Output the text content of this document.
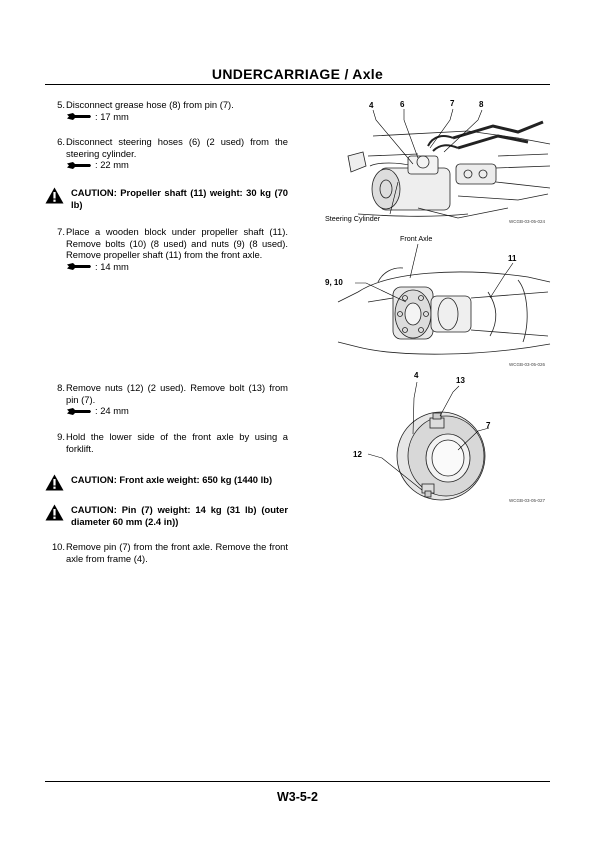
UNDERCARRIAGE / Axle
5. Disconnect grease hose (8) from pin (7).
: 17 mm
6. Disconnect steering hoses (6) (2 used) from the steering cylinder.
: 22 mm
CAUTION: Propeller shaft (11) weight: 30 kg (70 lb)
7. Place a wooden block under propeller shaft (11). Remove bolts (10) (8 used) and nuts (9) (8 used). Remove propeller shaft (11) from the front axle.
: 14 mm
8. Remove nuts (12) (2 used). Remove bolt (13) from pin (7).
: 24 mm
9. Hold the lower side of the front axle by using a forklift.
CAUTION: Front axle weight: 650 kg (1440 lb)
CAUTION: Pin (7) weight: 14 kg (31 lb) (outer diameter 60 mm (2.4 in))
10. Remove pin (7) from the front axle. Remove the front axle from frame (4).
4	6	7	8
Steering Cylinder	WCGB-03-05-024
Front Axle
9, 10
11
WCGB-03-05-026
4
13
7
12
WCGB-03-05-027
W3-5-2
